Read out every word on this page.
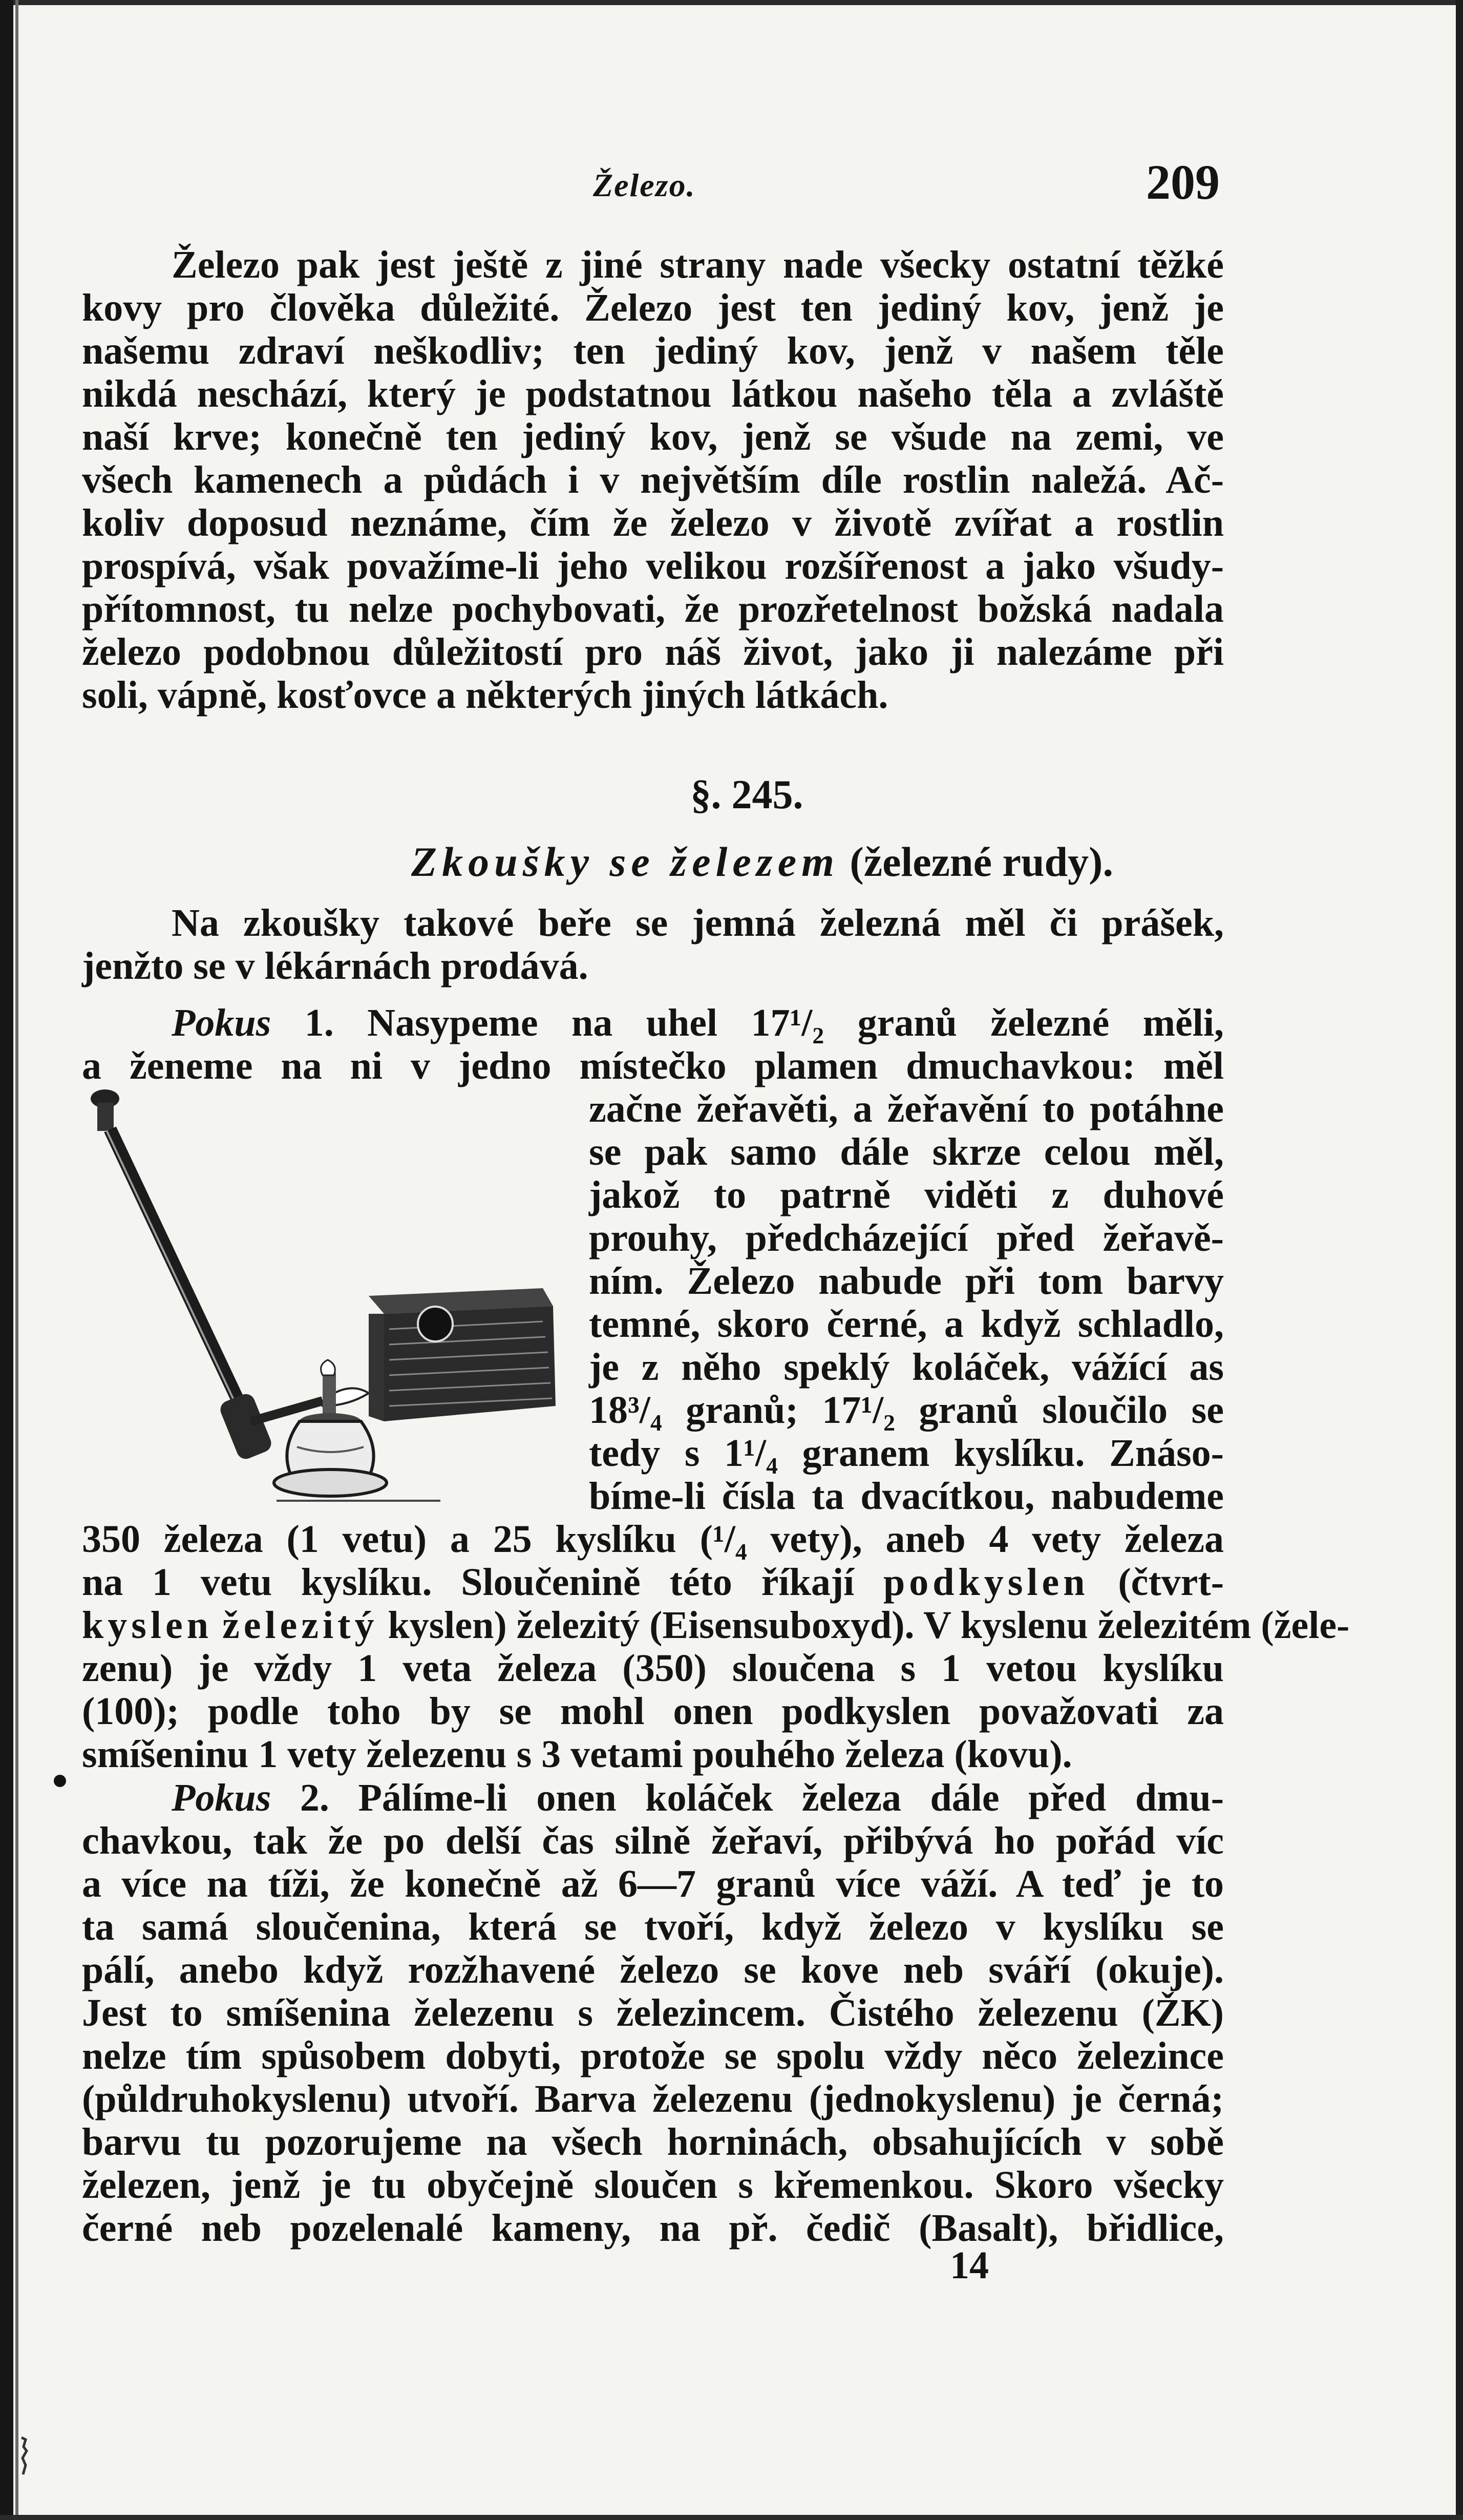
Železo.	209
Železo pak jest ještě z jiné strany nade všecky ostatní těžké
kovy pro člověka důležité. Železo jest ten jediný kov, jenž je
našemu zdraví neškodliv; ten jediný kov, jenž v našem těle
nikdá neschází, který je podstatnou látkou našeho těla a zvláště
naší krve; konečně ten jediný kov, jenž se všude na zemi, ve
všech kamenech a půdách i v největším díle rostlin naležá. Ač-
koliv doposud neznáme, čím že železo v životě zvířat a rostlin
prospívá, však považíme-li jeho velikou rozšířenost a jako všudy-
přítomnost, tu nelze pochybovati, že prozřetelnost božská nadala
železo podobnou důležitostí pro náš život, jako ji nalezáme při
soli, vápně, kosťovce a některých jiných látkách.
§. 245.
Zkoušky se železem (železné rudy).
Na zkoušky takové beře se jemná železná měl či prášek,
jenžto se v lékárnách prodává.
Pokus 1. Nasypeme na uhel 17¹/₂ granů železné měli,
a ženeme na ni v jedno místečko plamen dmuchavkou: měl
začne žeřavěti, a žeřavění to potáhne
se pak samo dále skrze celou měl,
jakož to patrně viděti z duhové
prouhy, předcházející před žeřavě-
ním. Železo nabude při tom barvy
temné, skoro černé, a když schladlo,
je z něho speklý koláček, vážící as
18³/₄ granů; 17¹/₂ granů sloučilo se
tedy s 1¹/₄ granem kyslíku. Znáso-
bíme-li čísla ta dvacítkou, nabudeme
350 železa (1 vetu) a 25 kyslíku (¹/₄ vety), aneb 4 vety železa
na 1 vetu kyslíku. Sloučenině této říkají podkyslen (čtvrt-
kyslen železitý kyslen) železitý (Eisensuboxyd). V kyslenu železitém (žele-
zenu) je vždy 1 veta železa (350) sloučena s 1 vetou kyslíku
(100); podle toho by se mohl onen podkyslen považovati za
smíšeninu 1 vety železenu s 3 vetami pouhého železa (kovu).
Pokus 2. Pálíme-li onen koláček železa dále před dmu-
chavkou, tak že po delší čas silně žeřaví, přibývá ho pořád víc
a více na tíži, že konečně až 6—7 granů více váží. A teď je to
ta samá sloučenina, která se tvoří, když železo v kyslíku se
pálí, anebo když rozžhavené železo se kove neb sváří (okuje).
Jest to smíšenina železenu s železincem. Čistého železenu (ŽK)
nelze tím spůsobem dobyti, protože se spolu vždy něco železince
(půldruhokyslenu) utvoří. Barva železenu (jednokyslenu) je černá;
barvu tu pozorujeme na všech horninách, obsahujících v sobě
železen, jenž je tu obyčejně sloučen s křemenkou. Skoro všecky
černé neb pozelenalé kameny, na př. čedič (Basalt), břidlice,
14
